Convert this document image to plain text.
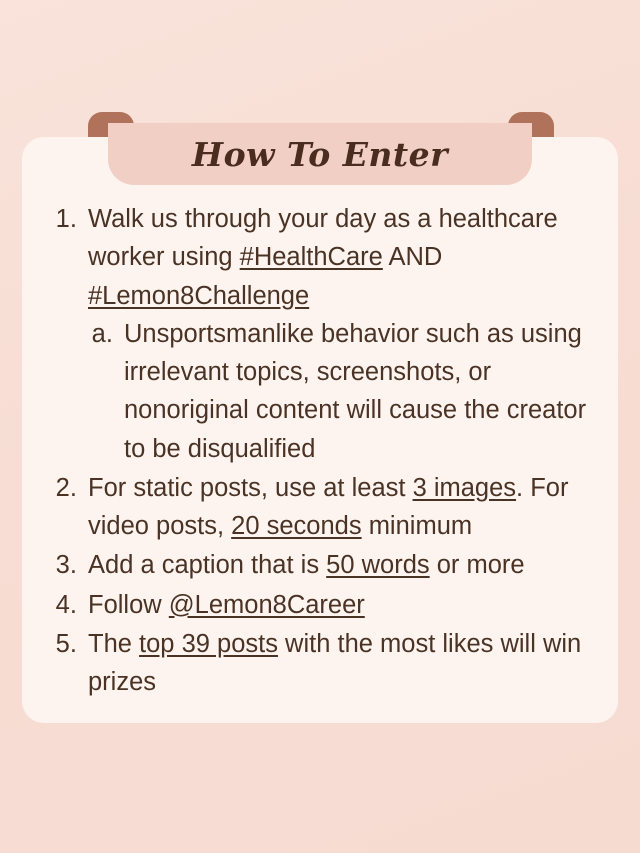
How To Enter
1. Walk us through your day as a healthcare worker using #HealthCare AND #Lemon8Challenge
a. Unsportsmanlike behavior such as using irrelevant topics, screenshots, or nonoriginal content will cause the creator to be disqualified
2. For static posts, use at least 3 images. For video posts, 20 seconds minimum
3. Add a caption that is 50 words or more
4. Follow @Lemon8Career
5. The top 39 posts with the most likes will win prizes
